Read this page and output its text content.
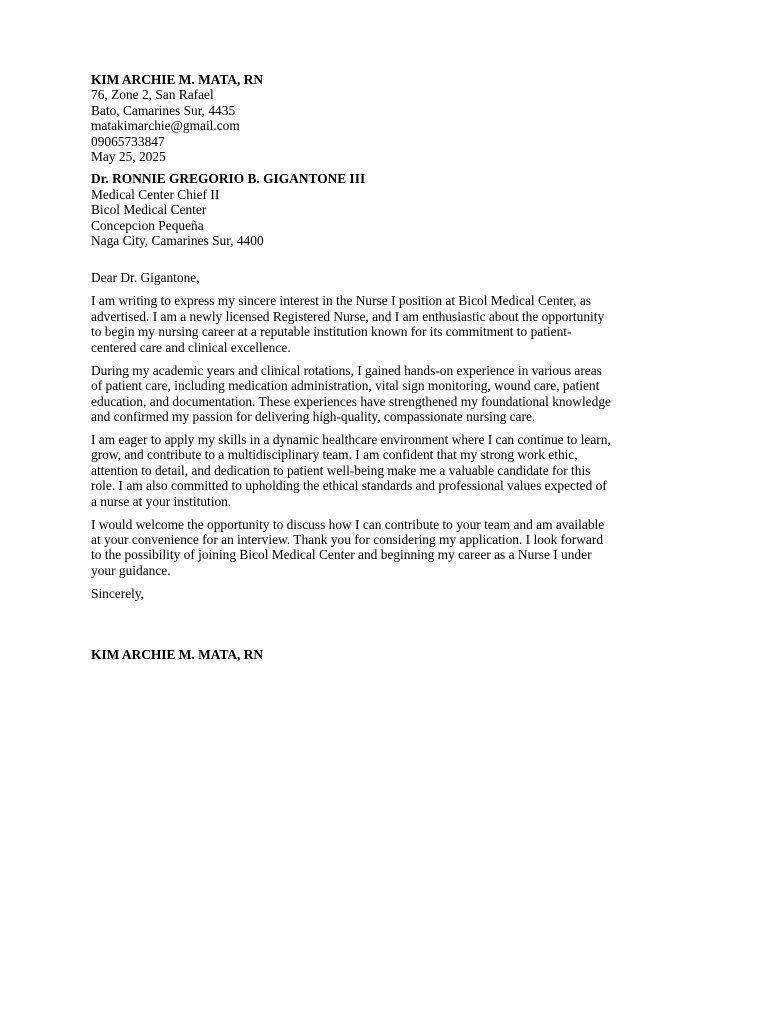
KIM ARCHIE M. MATA, RN
76, Zone 2, San Rafael
Bato, Camarines Sur, 4435
matakimarchie@gmail.com
09065733847
May 25, 2025
Dr. RONNIE GREGORIO B. GIGANTONE III
Medical Center Chief II
Bicol Medical Center
Concepcion Pequeña
Naga City, Camarines Sur, 4400
Dear Dr. Gigantone,
I am writing to express my sincere interest in the Nurse I position at Bicol Medical Center, as
advertised. I am a newly licensed Registered Nurse, and I am enthusiastic about the opportunity
to begin my nursing career at a reputable institution known for its commitment to patient-
centered care and clinical excellence.
During my academic years and clinical rotations, I gained hands-on experience in various areas
of patient care, including medication administration, vital sign monitoring, wound care, patient
education, and documentation. These experiences have strengthened my foundational knowledge
and confirmed my passion for delivering high-quality, compassionate nursing care.
I am eager to apply my skills in a dynamic healthcare environment where I can continue to learn,
grow, and contribute to a multidisciplinary team. I am confident that my strong work ethic,
attention to detail, and dedication to patient well-being make me a valuable candidate for this
role. I am also committed to upholding the ethical standards and professional values expected of
a nurse at your institution.
I would welcome the opportunity to discuss how I can contribute to your team and am available
at your convenience for an interview. Thank you for considering my application. I look forward
to the possibility of joining Bicol Medical Center and beginning my career as a Nurse I under
your guidance.
Sincerely,
KIM ARCHIE M. MATA, RN
